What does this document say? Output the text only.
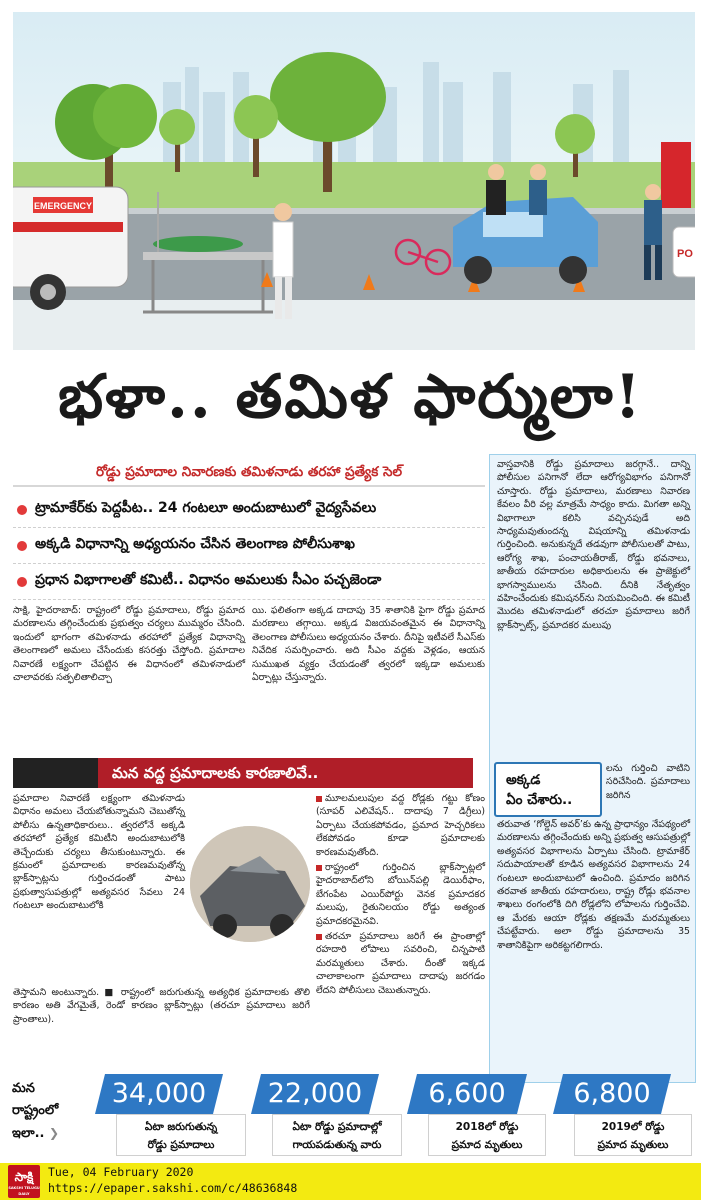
EMERGENCY
PO
భళా.. తమిళ ఫార్ములా!
రోడ్డు ప్రమాదాల నివారణకు తమిళనాడు తరహా ప్రత్యేక సెల్
ట్రామాకేర్‌కు పెద్దపీట.. 24 గంటలూ అందుబాటులో వైద్యసేవలు
అక్కడి విధానాన్ని అధ్యయనం చేసిన తెలంగాణ పోలీసుశాఖ
ప్రధాన విభాగాలతో కమిటీ.. విధానం అమలుకు సీఎం పచ్చజెండా
సాక్షి, హైదరాబాద్‌: రాష్ట్రంలో రోడ్డు ప్రమాదాలు, రోడ్డు ప్రమాద మరణాలను తగ్గించేందుకు ప్రభుత్వం చర్యలు ముమ్మరం చేసింది. ఇందులో భాగంగా తమిళనాడు తరహాలో ప్రత్యేక విధానాన్ని తెలంగాణలో అమలు చేసేందుకు కసరత్తు చేస్తోంది. ప్రమాదాల నివారణే లక్ష్యంగా చేపట్టిన ఈ విధానంలో తమిళనాడులో చాలావరకు సత్ఫలితాలిచ్చా
యి. ఫలితంగా అక్కడ దాదాపు 35 శాతానికి పైగా రోడ్డు ప్రమాద మరణాలు తగ్గాయి. అక్కడ విజయవంతమైన ఈ విధానాన్ని తెలంగాణ పోలీసులు అధ్యయనం చేశారు. దీనిపై ఇటీవలే సీఎస్‌కు నివేదిక సమర్పించారు. అది సీఎం వద్దకు వెళ్లడం, ఆయన సుముఖత వ్యక్తం చేయడంతో త్వరలో ఇక్కడా అమలుకు ఏర్పాట్లు చేస్తున్నారు.
మన వద్ద ప్రమాదాలకు కారణాలివే..
ప్రమాదాల నివారణే లక్ష్యంగా తమిళనాడు విధానం అమలు చేయబోతున్నామని చెబుతోన్న పోలీసు ఉన్నతాధికారులు.. త్వరలోనే అక్కడి తరహాలో ప్రత్యేక కమిటీని అందుబాటులోకి తెచ్చేందుకు చర్యలు తీసుకుంటున్నారు. ఈ క్రమంలో ప్రమాదాలకు కారణమవుతోన్న బ్లాక్‌స్పాట్లను గుర్తించడంతో పాటు ప్రభుత్వాసుపత్రుల్లో అత్యవసర సేవలు 24 గంటలూ అందుబాటులోకి
తెస్తామని అంటున్నారు. ■ రాష్ట్రంలో జరుగుతున్న అత్యధిక ప్రమాదాలకు తొలి కారణం అతి వేగమైతే, రెండో కారణం బ్లాక్‌స్పాట్లు (తరచూ ప్రమాదాలు జరిగే ప్రాంతాలు).

మూలమలుపుల వద్ద రోడ్లకు గట్టు కోణం (సూపర్‌ ఎలివేషన్‌.. దాదాపు 7 డిగ్రీలు) ఏర్పాటు చేయకపోవడం, ప్రమాద హెచ్చరికలు లేకపోవడం కూడా ప్రమాదాలకు కారణమవుతోంది.

రాష్ట్రంలో గుర్తించిన బ్లాక్‌స్పాట్లలో హైదరాబాద్‌లోని బోయిన్‌పల్లి డెయిరీఫాం, బేగంపేట ఎయిర్‌పోర్టు వెనక ప్రమాదకర మలుపు, రైతునిలయం రోడ్డు అత్యంత ప్రమాదకరమైనవి.

తరచూ ప్రమాదాలు జరిగే ఈ ప్రాంతాల్లో రహదారి లోపాలు సవరించి, చిన్నపాటి మరమ్మతులు చేశారు. దీంతో ఇక్కడ చాలాకాలంగా ప్రమాదాలు దాదాపు జరగడం లేదని పోలీసులు చెబుతున్నారు.

వాస్తవానికి రోడ్డు ప్రమాదాలు జరగ్గానే.. దాన్ని పోలీసుల పనిగానో లేదా ఆరోగ్యవిభాగం పనిగానో చూస్తారు. రోడ్డు ప్రమాదాలు, మరణాలు నివారణ కేవలం వీరి వల్ల మాత్రమే సాధ్యం కాదు. మిగతా అన్ని విభాగాలూ కలిసి వచ్చినపుడే అది సాధ్యమవుతుందన్న విషయాన్ని తమిళనాడు గుర్తించింది. అనుకున్నదే తడవుగా పోలీసులతో పాటు, ఆరోగ్య శాఖ, పంచాయతీరాజ్‌, రోడ్డు భవనాలు, జాతీయ రహదారుల అధికారులను ఈ ప్రాజెక్టులో భాగస్వాములను చేసింది. దీనికి నేతృత్వం వహించేందుకు కమిషనర్‌ను నియమించింది. ఈ కమిటీ మొదట తమిళనాడులో తరచూ ప్రమాదాలు జరిగే బ్లాక్‌స్పాట్స్‌, ప్రమాదకర మలుపు
అక్కడ
ఏం చేశారు..
లను గుర్తించి వాటిని సరిచేసింది. ప్రమాదాలు జరిగిన
తరువాత ‘గోల్డెన్‌ అవర్‌’కు ఉన్న ప్రాధాన్యం నేపథ్యంలో మరణాలను తగ్గించేందుకు అన్ని ప్రభుత్వ ఆసుపత్రుల్లో అత్యవసర విభాగాలను ఏర్పాటు చేసింది. ట్రామాకేర్‌ సదుపాయాలతో కూడిన అత్యవసర విభాగాలను 24 గంటలూ అందుబాటులో ఉంచింది. ప్రమాదం జరిగిన తరవాత జాతీయ రహదారులు, రాష్ట్ర రోడ్లు భవనాల శాఖలు రంగంలోకి దిగి రోడ్లలోని లోపాలను గుర్తించేవి. ఆ మేరకు ఆయా రోడ్లకు తక్షణమే మరమ్మతులు చేపట్టేవారు. అలా రోడ్డు ప్రమాదాలను 35 శాతానికిపైగా అరికట్టగలిగారు.
మన
రాష్ట్రంలో
ఇలా.. ❯
34,000
ఏటా జరుగుతున్న
రోడ్డు ప్రమాదాలు
22,000
ఏటా రోడ్డు ప్రమాదాల్లో
గాయపడుతున్న వారు
6,600
2018లో రోడ్డు
ప్రమాద మృతులు
6,800
2019లో రోడ్డు
ప్రమాద మృతులు
సాక్షి
SAKSHI TELUGU DAILY
Tue, 04 February 2020
https://epaper.sakshi.com/c/48636848
